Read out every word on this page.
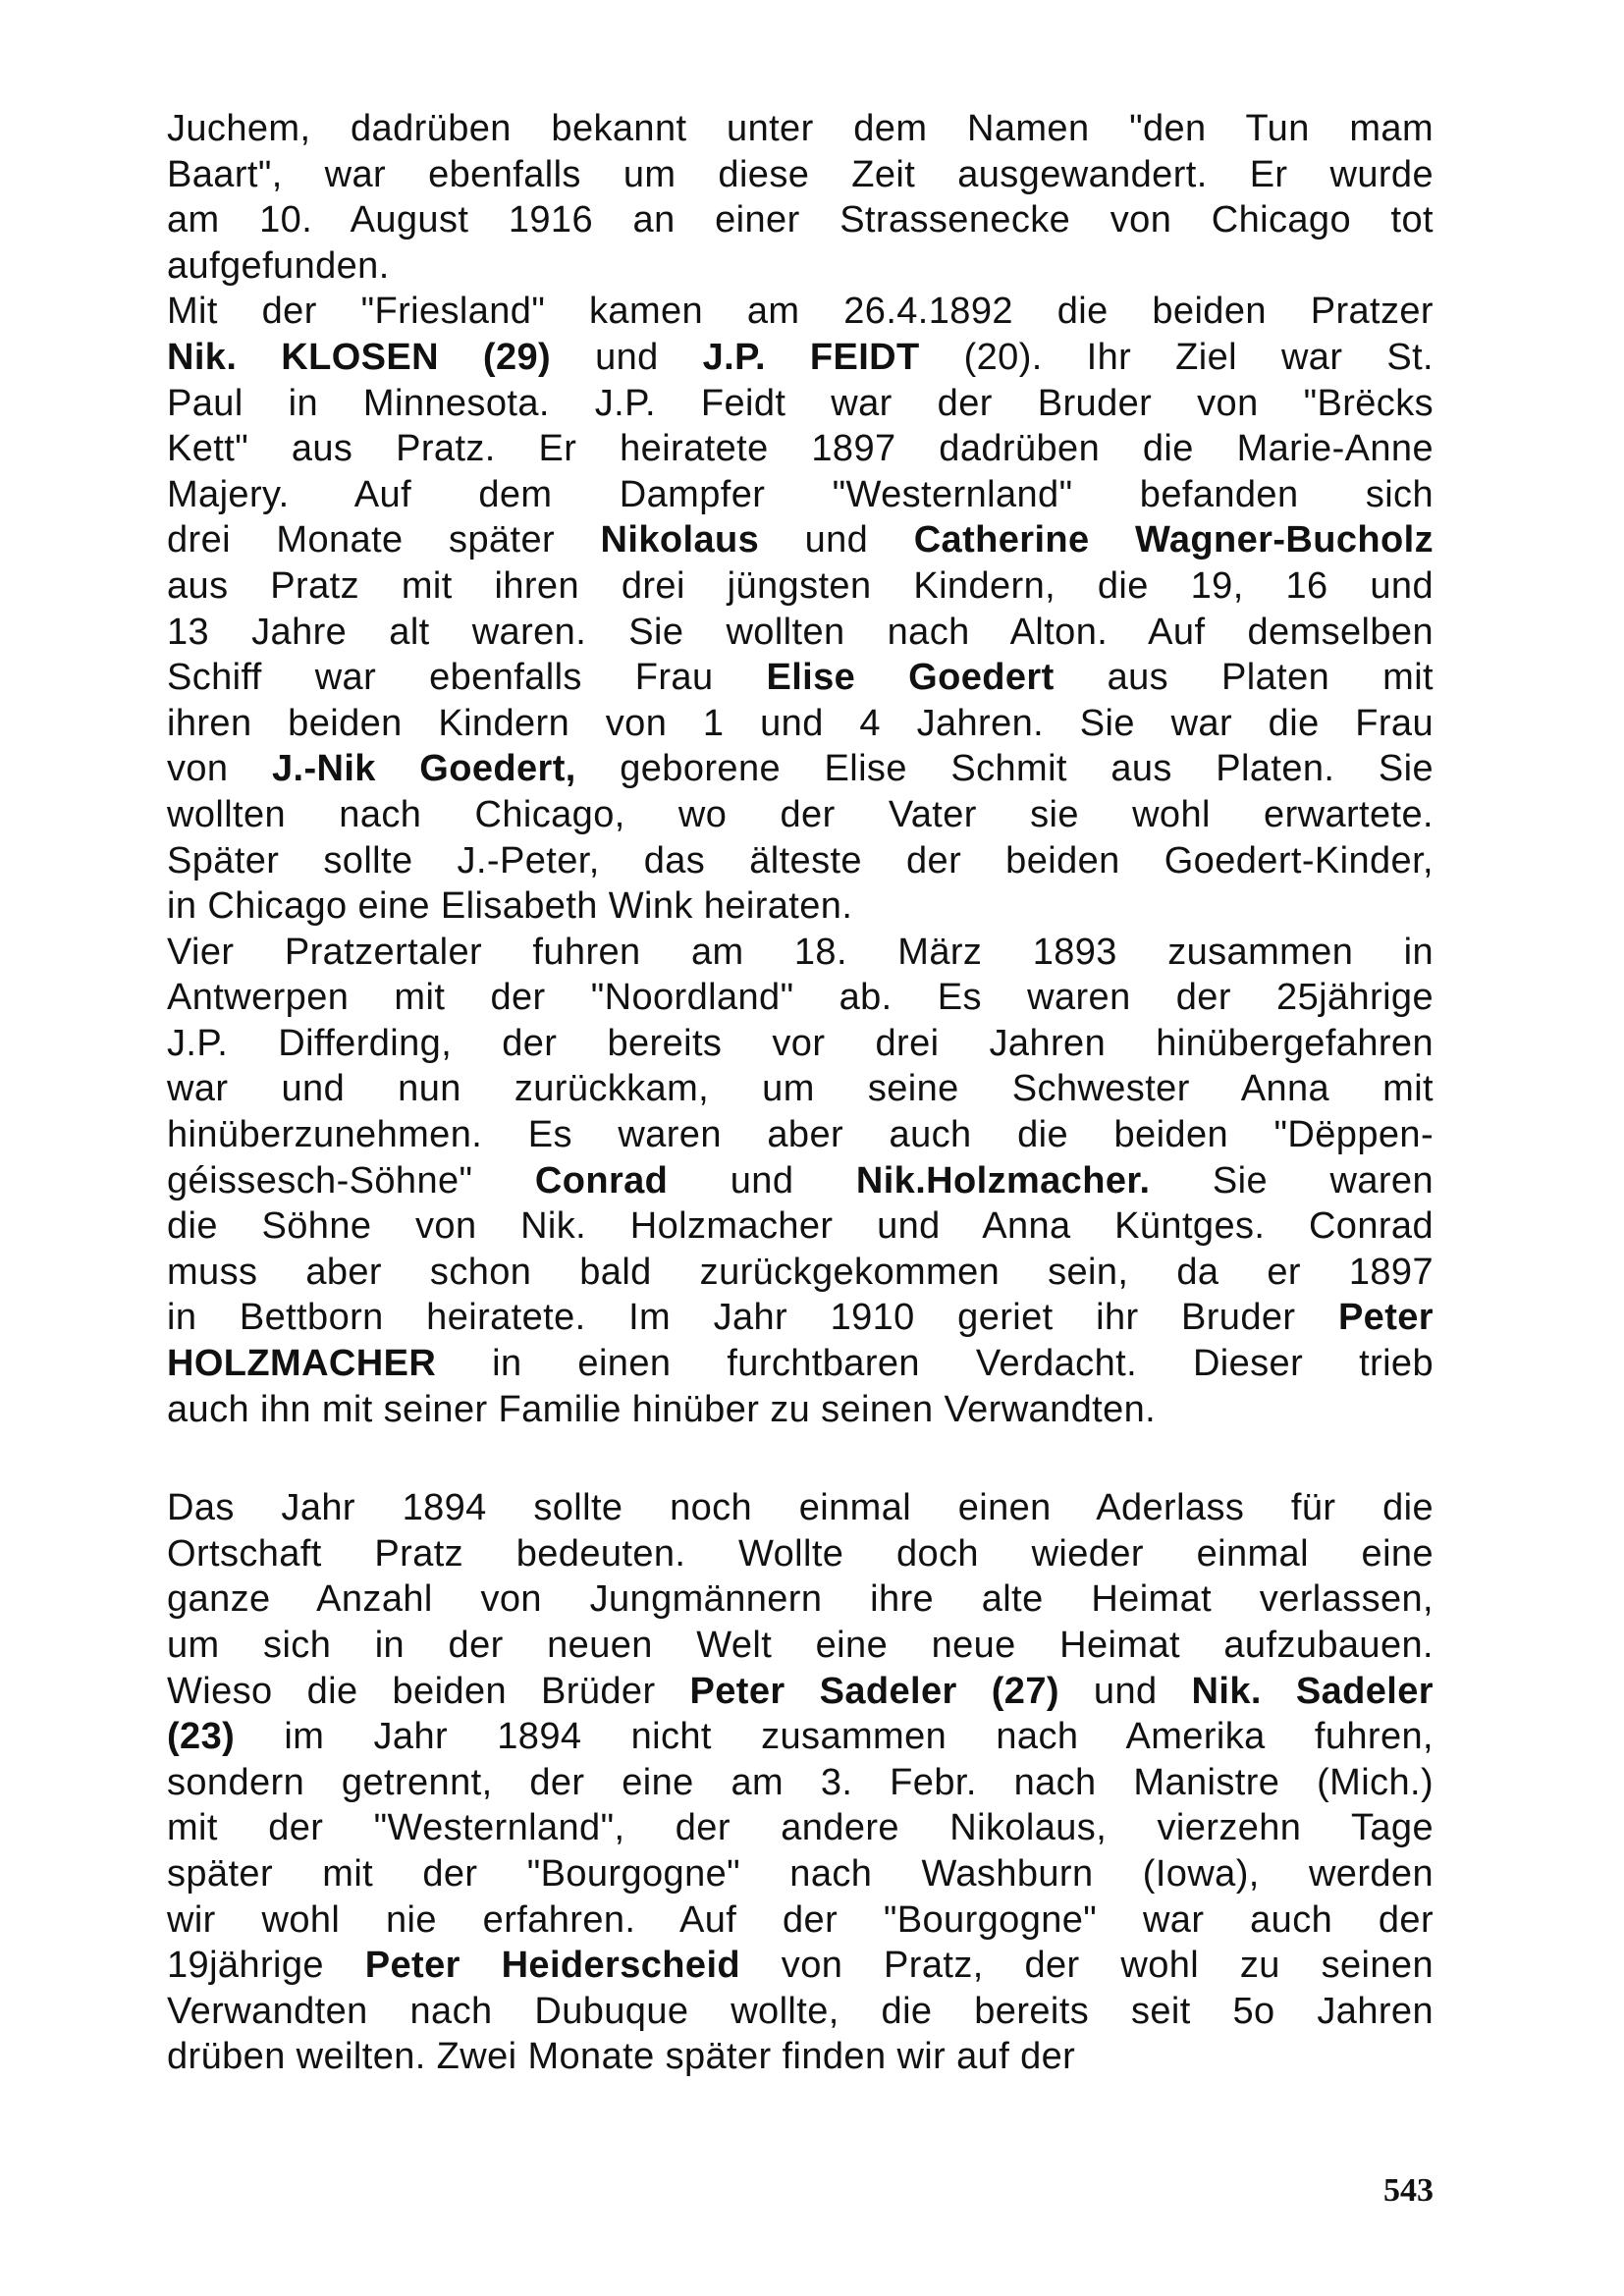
Juchem, dadrüben bekannt unter dem Namen "den Tun mam
Baart", war ebenfalls um diese Zeit ausgewandert. Er wurde
am 10. August 1916 an einer Strassenecke von Chicago tot
aufgefunden.
Mit der "Friesland" kamen am 26.4.1892 die beiden Pratzer
Nik. KLOSEN (29) und J.P. FEIDT (20). Ihr Ziel war St.
Paul in Minnesota. J.P. Feidt war der Bruder von "Brëcks
Kett" aus Pratz. Er heiratete 1897 dadrüben die Marie-Anne
Majery. Auf dem Dampfer "Westernland" befanden sich
drei Monate später Nikolaus und Catherine Wagner-Bucholz
aus Pratz mit ihren drei jüngsten Kindern, die 19, 16 und
13 Jahre alt waren. Sie wollten nach Alton. Auf demselben
Schiff war ebenfalls Frau Elise Goedert aus Platen mit
ihren beiden Kindern von 1 und 4 Jahren. Sie war die Frau
von J.-Nik Goedert, geborene Elise Schmit aus Platen. Sie
wollten nach Chicago, wo der Vater sie wohl erwartete.
Später sollte J.-Peter, das älteste der beiden Goedert-Kinder,
in Chicago eine Elisabeth Wink heiraten.
Vier Pratzertaler fuhren am 18. März 1893 zusammen in
Antwerpen mit der "Noordland" ab. Es waren der 25jährige
J.P. Differding, der bereits vor drei Jahren hinübergefahren
war und nun zurückkam, um seine Schwester Anna mit
hinüberzunehmen. Es waren aber auch die beiden "Dëppen-
géissesch-Söhne" Conrad und Nik.Holzmacher. Sie waren
die Söhne von Nik. Holzmacher und Anna Küntges. Conrad
muss aber schon bald zurückgekommen sein, da er 1897
in Bettborn heiratete. Im Jahr 1910 geriet ihr Bruder Peter
HOLZMACHER in einen furchtbaren Verdacht. Dieser trieb
auch ihn mit seiner Familie hinüber zu seinen Verwandten.
Das Jahr 1894 sollte noch einmal einen Aderlass für die
Ortschaft Pratz bedeuten. Wollte doch wieder einmal eine
ganze Anzahl von Jungmännern ihre alte Heimat verlassen,
um sich in der neuen Welt eine neue Heimat aufzubauen.
Wieso die beiden Brüder Peter Sadeler (27) und Nik. Sadeler
(23) im Jahr 1894 nicht zusammen nach Amerika fuhren,
sondern getrennt, der eine am 3. Febr. nach Manistre (Mich.)
mit der "Westernland", der andere Nikolaus, vierzehn Tage
später mit der "Bourgogne" nach Washburn (Iowa), werden
wir wohl nie erfahren. Auf der "Bourgogne" war auch der
19jährige Peter Heiderscheid von Pratz, der wohl zu seinen
Verwandten nach Dubuque wollte, die bereits seit 5o Jahren
drüben weilten. Zwei Monate später finden wir auf der
543
